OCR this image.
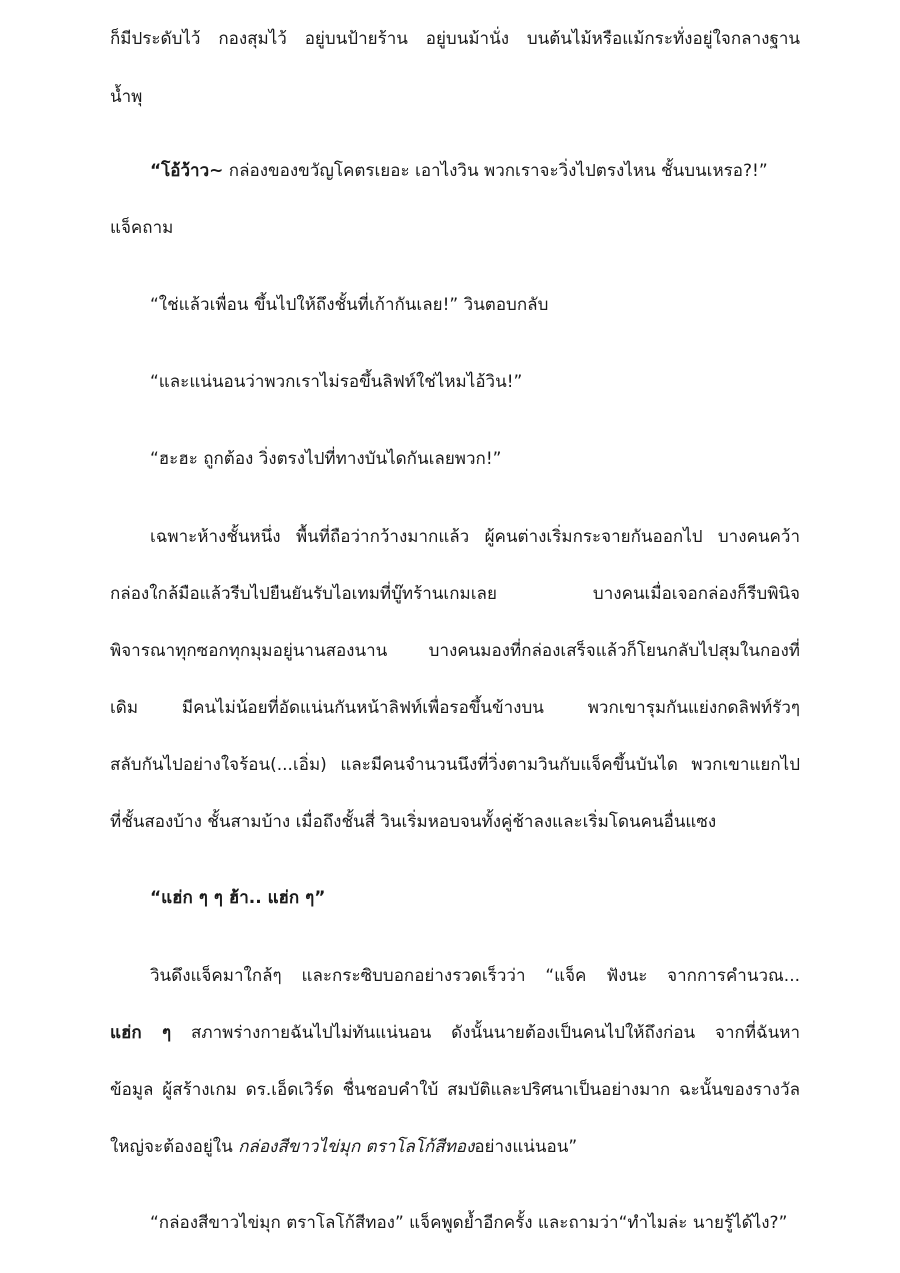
ก็มีประดับไว้ กองสุมไว้ อยู่บนป้ายร้าน อยู่บนม้านั่ง บนต้นไม้หรือแม้กระทั่งอยู่ใจกลางฐาน
น้ำพุ
“โอ้ว้าว~ กล่องของขวัญโคตรเยอะ เอาไงวิน พวกเราจะวิ่งไปตรงไหน ชั้นบนเหรอ?!”
แจ็คถาม
“ใช่แล้วเพื่อน ขึ้นไปให้ถึงชั้นที่เก้ากันเลย!” วินตอบกลับ
“และแน่นอนว่าพวกเราไม่รอขึ้นลิฟท์ใช่ไหมไอ้วิน!”
“ฮะฮะ ถูกต้อง วิ่งตรงไปที่ทางบันไดกันเลยพวก!”
เฉพาะห้างชั้นหนึ่ง พื้นที่ถือว่ากว้างมากแล้ว ผู้คนต่างเริ่มกระจายกันออกไป บางคนคว้า
กล่องใกล้มือแล้วรีบไปยืนยันรับไอเทมที่บู๊ทร้านเกมเลย บางคนเมื่อเจอกล่องก็รีบพินิจ
พิจารณาทุกซอกทุกมุมอยู่นานสองนาน บางคนมองที่กล่องเสร็จแล้วก็โยนกลับไปสุมในกองที่
เดิม มีคนไม่น้อยที่อัดแน่นกันหน้าลิฟท์เพื่อรอขึ้นข้างบน พวกเขารุมกันแย่งกดลิฟท์รัวๆ
สลับกันไปอย่างใจร้อน(...เอิ่ม) และมีคนจำนวนนึงที่วิ่งตามวินกับแจ็คขึ้นบันได พวกเขาแยกไป
ที่ชั้นสองบ้าง ชั้นสามบ้าง เมื่อถึงชั้นสี่ วินเริ่มหอบจนทั้งคู่ช้าลงและเริ่มโดนคนอื่นแซง
“แฮ่ก ๆ ๆ ฮ้า.. แฮ่ก ๆ”
วินดึงแจ็คมาใกล้ๆ และกระซิบบอกอย่างรวดเร็วว่า “แจ็ค ฟังนะ จากการคำนวณ...
แฮ่ก ๆ สภาพร่างกายฉันไปไม่ทันแน่นอน ดังนั้นนายต้องเป็นคนไปให้ถึงก่อน จากที่ฉันหา
ข้อมูล ผู้สร้างเกม ดร.เอ็ดเวิร์ด ชื่นชอบคำใบ้ สมบัติและปริศนาเป็นอย่างมาก ฉะนั้นของรางวัล
ใหญ่จะต้องอยู่ใน กล่องสีขาวไข่มุก ตราโลโก้สีทองอย่างแน่นอน”
“กล่องสีขาวไข่มุก ตราโลโก้สีทอง” แจ็คพูดย้ำอีกครั้ง และถามว่า“ทำไมล่ะ นายรู้ได้ไง?”
